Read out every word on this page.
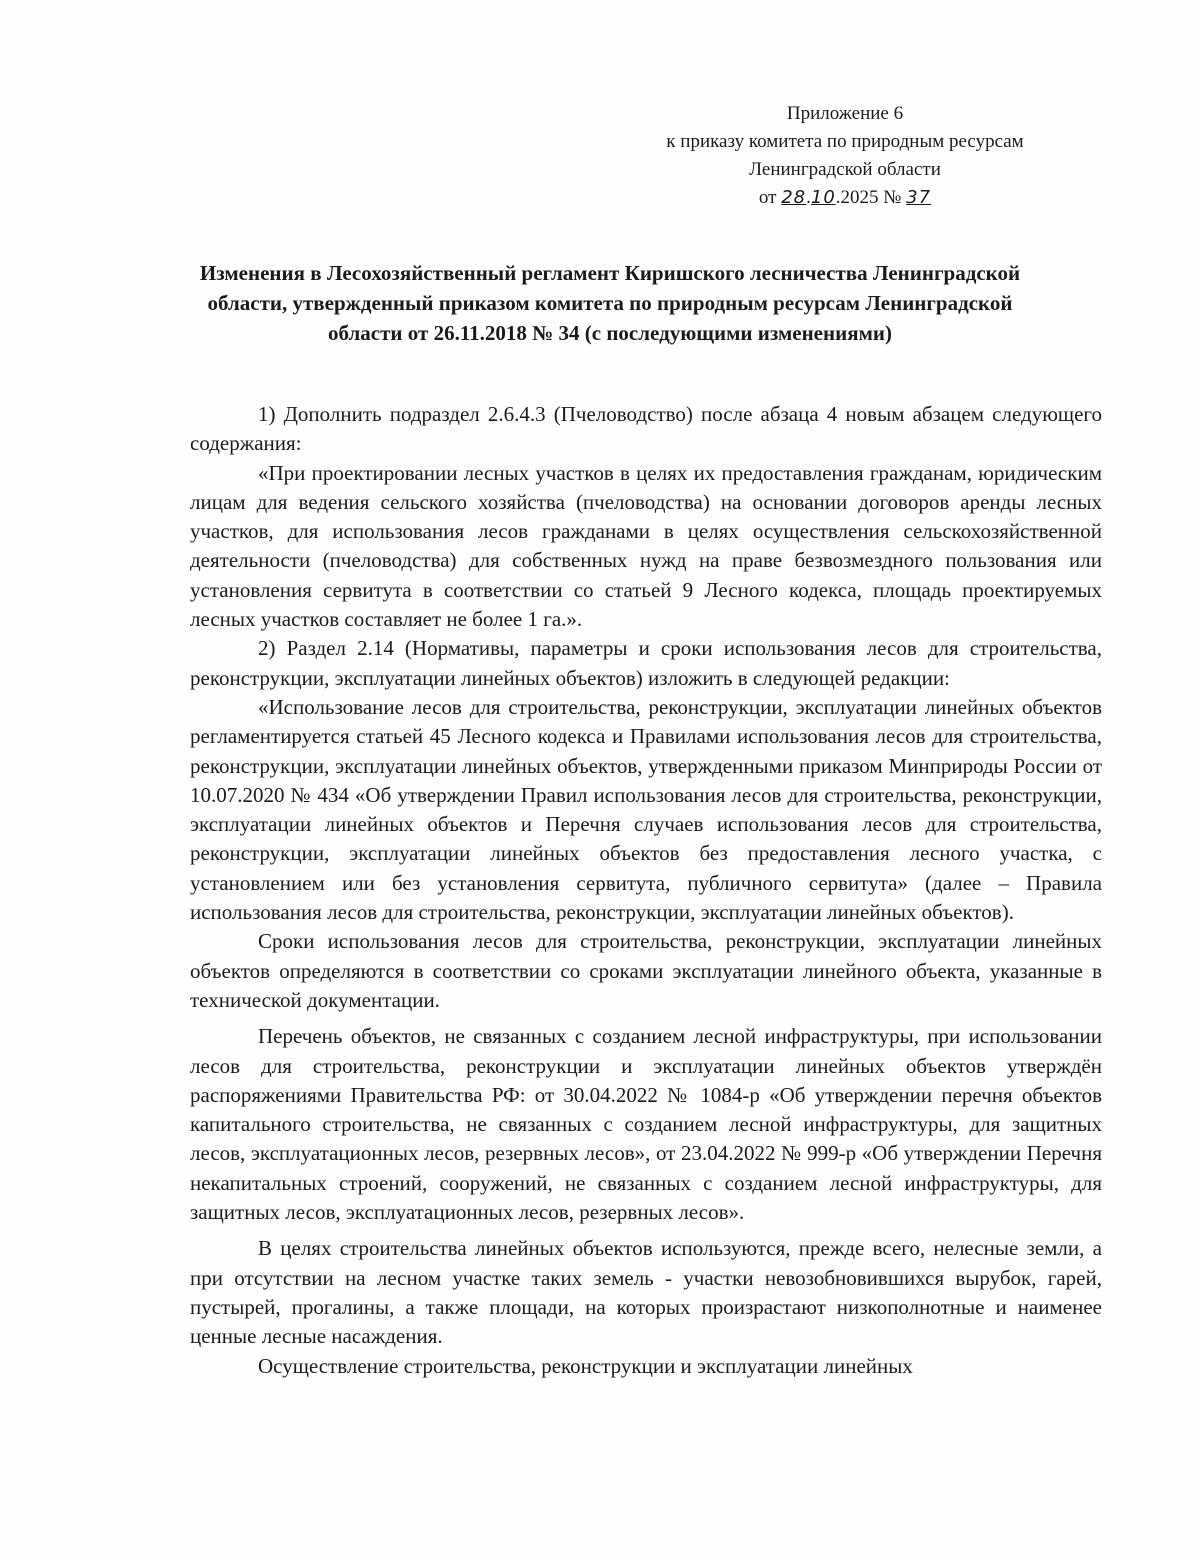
Приложение 6
к приказу комитета по природным ресурсам
Ленинградской области
от 28.10.2025 № 37
Изменения в Лесохозяйственный регламент Киришского лесничества Ленинградской области, утвержденный приказом комитета по природным ресурсам Ленинградской области от 26.11.2018 № 34 (с последующими изменениями)

1) Дополнить подраздел 2.6.4.3 (Пчеловодство) после абзаца 4 новым абзацем следующего содержания:

«При проектировании лесных участков в целях их предоставления гражданам, юридическим лицам для ведения сельского хозяйства (пчеловодства) на основании договоров аренды лесных участков, для использования лесов гражданами в целях осуществления сельскохозяйственной деятельности (пчеловодства) для собственных нужд на праве безвозмездного пользования или установления сервитута в соответствии со статьей 9 Лесного кодекса, площадь проектируемых лесных участков составляет не более 1 га.».

2) Раздел 2.14 (Нормативы, параметры и сроки использования лесов для строительства, реконструкции, эксплуатации линейных объектов) изложить в следующей редакции:

«Использование лесов для строительства, реконструкции, эксплуатации линейных объектов регламентируется статьей 45 Лесного кодекса и Правилами использования лесов для строительства, реконструкции, эксплуатации линейных объектов, утвержденными приказом Минприроды России от 10.07.2020 № 434 «Об утверждении Правил использования лесов для строительства, реконструкции, эксплуатации линейных объектов и Перечня случаев использования лесов для строительства, реконструкции, эксплуатации линейных объектов без предоставления лесного участка, с установлением или без установления сервитута, публичного сервитута» (далее – Правила использования лесов для строительства, реконструкции, эксплуатации линейных объектов).

Сроки использования лесов для строительства, реконструкции, эксплуатации линейных объектов определяются в соответствии со сроками эксплуатации линейного объекта, указанные в технической документации.

Перечень объектов, не связанных с созданием лесной инфраструктуры, при использовании лесов для строительства, реконструкции и эксплуатации линейных объектов утверждён распоряжениями Правительства РФ: от 30.04.2022 № 1084-р «Об утверждении перечня объектов капитального строительства, не связанных с созданием лесной инфраструктуры, для защитных лесов, эксплуатационных лесов, резервных лесов», от 23.04.2022 № 999-р «Об утверждении Перечня некапитальных строений, сооружений, не связанных с созданием лесной инфраструктуры, для защитных лесов, эксплуатационных лесов, резервных лесов».

В целях строительства линейных объектов используются, прежде всего, нелесные земли, а при отсутствии на лесном участке таких земель - участки невозобновившихся вырубок, гарей, пустырей, прогалины, а также площади, на которых произрастают низкополнотные и наименее ценные лесные насаждения.

Осуществление строительства, реконструкции и эксплуатации линейных
